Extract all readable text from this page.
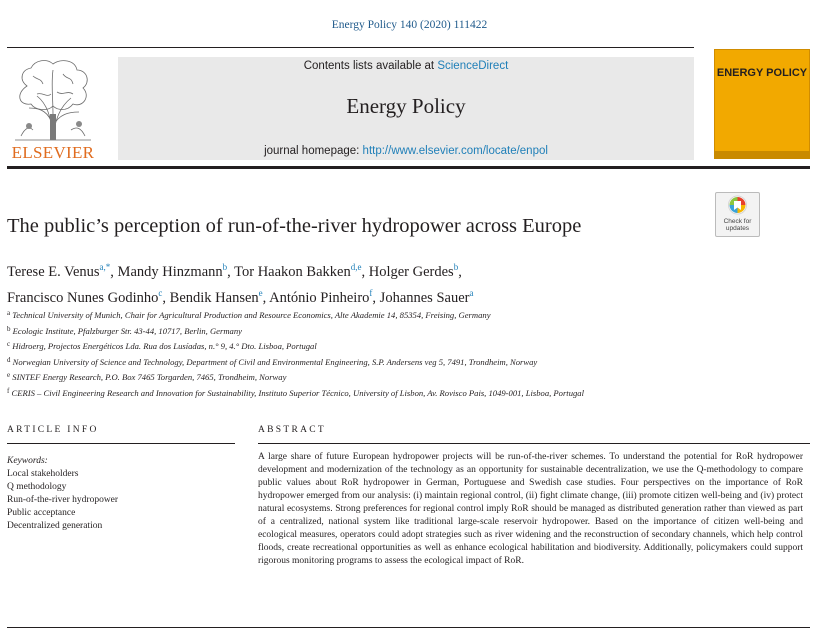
Energy Policy 140 (2020) 111422
ELSEVIER
Contents lists available at ScienceDirect
Energy Policy
journal homepage: http://www.elsevier.com/locate/enpol
ENERGY POLICY
Check for updates
The public’s perception of run-of-the-river hydropower across Europe
Terese E. Venus$^{a,*}$, Mandy Hinzmann$^b$, Tor Haakon Bakken$^{d,e}$, Holger Gerdes$^b$,
Francisco Nunes Godinho$^c$, Bendik Hansen$^e$, António Pinheiro$^f$, Johannes Sauer$^a$
$^a$ Technical University of Munich, Chair for Agricultural Production and Resource Economics, Alte Akademie 14, 85354, Freising, Germany
$^b$ Ecologic Institute, Pfalzburger Str. 43-44, 10717, Berlin, Germany
$^c$ Hidroerg, Projectos Energéticos Lda. Rua dos Lusíadas, n.° 9, 4.° Dto. Lisboa, Portugal
$^d$ Norwegian University of Science and Technology, Department of Civil and Environmental Engineering, S.P. Andersens veg 5, 7491, Trondheim, Norway
$^e$ SINTEF Energy Research, P.O. Box 7465 Torgarden, 7465, Trondheim, Norway
$^f$ CERIS – Civil Engineering Research and Innovation for Sustainability, Instituto Superior Técnico, University of Lisbon, Av. Rovisco Pais, 1049-001, Lisboa, Portugal
ARTICLE INFO	ABSTRACT
Keywords:
Local stakeholders
Q methodology
Run-of-the-river hydropower
Public acceptance
Decentralized generation
A large share of future European hydropower projects will be run-of-the-river schemes. To understand the potential for RoR hydropower development and modernization of the technology as an opportunity for sustainable decentralization, we use the Q-methodology to compare public values about RoR hydropower in German, Portuguese and Swedish case studies. Four perspectives on the importance of RoR hydropower emerged from our analysis: (i) maintain regional control, (ii) fight climate change, (iii) promote citizen well-being and (iv) protect natural ecosystems. Strong preferences for regional control imply RoR should be managed as distributed generation rather than viewed as part of a centralized, national system like traditional large-scale reservoir hydropower. Based on the importance of citizen well-being and ecological measures, operators could adopt strategies such as river widening and the reconstruction of secondary channels, which help control floods, create recreational opportunities as well as enhance ecological habilitation and biodiversity. Additionally, policymakers could support rigorous monitoring programs to assess the ecological impact of RoR.
